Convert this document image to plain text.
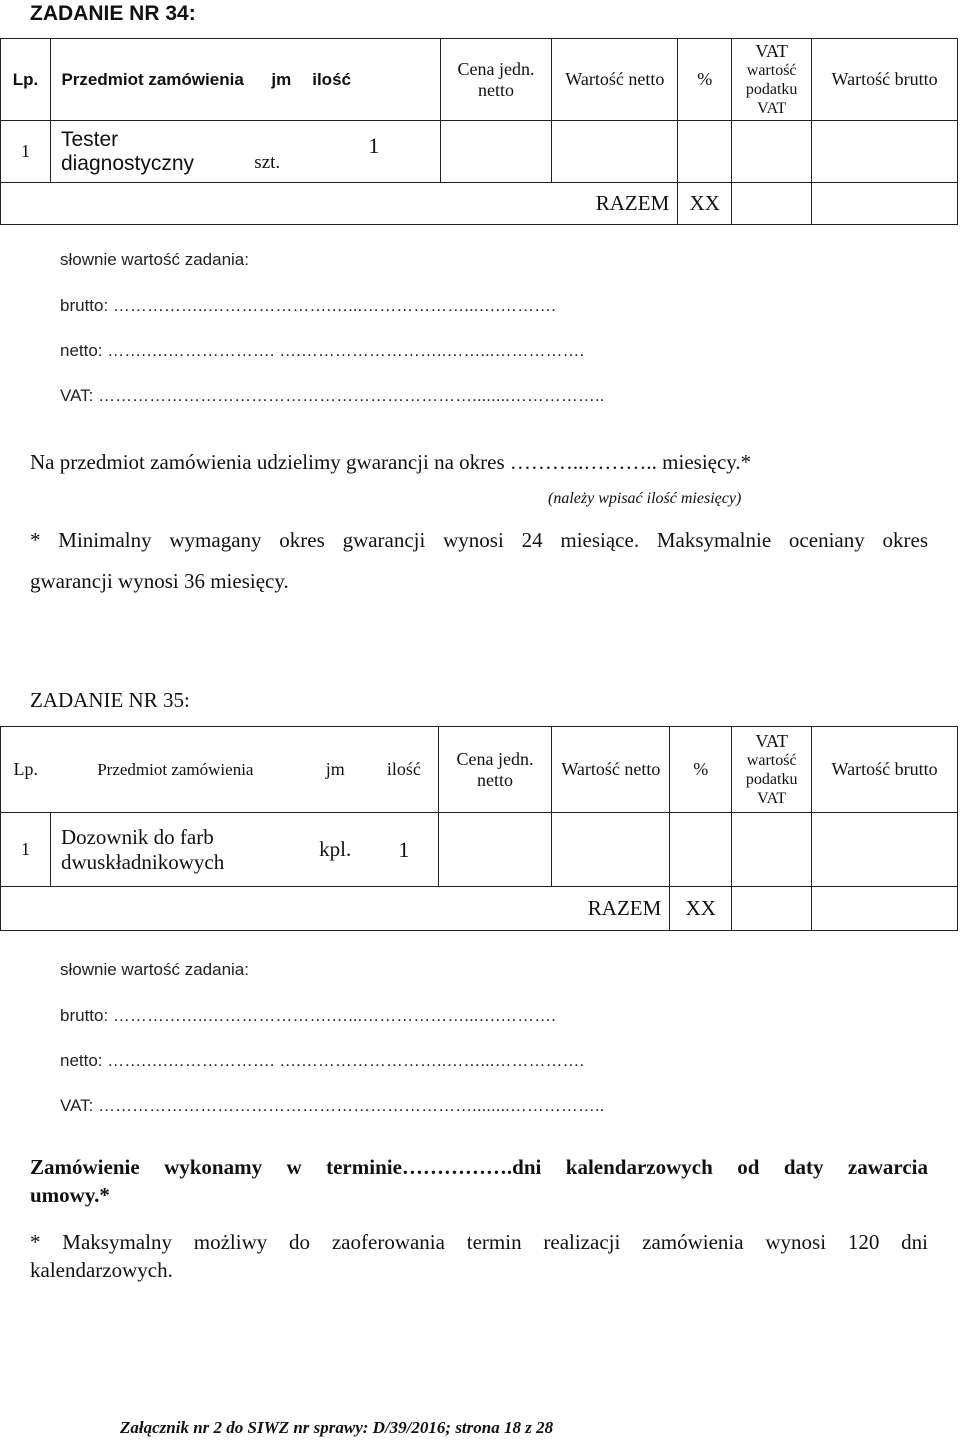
ZADANIE NR 34:
Lp.	Przedmiot zamówienia	jm	ilość	Cena jedn. netto	Wartość netto	%	VAT
wartość podatku VAT	Wartość brutto
1	Tester diagnostyczny	szt.	1					
				RAZEM		XX		
słownie wartość zadania:
brutto: ……………..………………….…...………………...….……….
netto: …….….………………. ….……………………..……...…………….
VAT: …………………………………………………………........……………..
Na przedmiot zamówienia udzielimy gwarancji na okres ………..……….. miesięcy.*
(należy wpisać ilość miesięcy)
* Minimalny wymagany okres gwarancji wynosi 24 miesiące. Maksymalnie oceniany okres
gwarancji wynosi 36 miesięcy.
ZADANIE NR 35:
Lp.	Przedmiot zamówienia	jm	ilość	Cena jedn. netto	Wartość netto	%	VAT
wartość podatku VAT	Wartość brutto
1	Dozownik do farb dwuskładnikowych	kpl.	1					
				RAZEM		XX		
słownie wartość zadania:
brutto: ……………..………………….…...………………...….……….
netto: …….….………………. ….……………………..……...…………….
VAT: …………………………………………………………........……………..
Zamówienie wykonamy w terminie…………….dni kalendarzowych od daty zawarcia
umowy.*
* Maksymalny możliwy do zaoferowania termin realizacji zamówienia wynosi 120 dni
kalendarzowych.
Załącznik nr 2 do SIWZ nr sprawy: D/39/2016; strona 18 z 28
